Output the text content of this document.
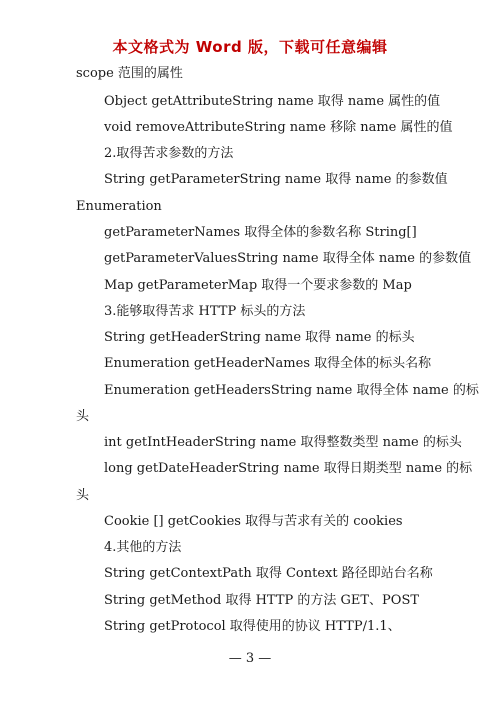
本文格式为 Word 版，下载可任意编辑
scope 范围的属性
Object getAttributeString name 取得 name 属性的值
void removeAttributeString name 移除 name 属性的值
2.取得苦求参数的方法
String getParameterString name 取得 name 的参数值
Enumeration
getParameterNames 取得全体的参数名称 String[]
getParameterValuesString name 取得全体 name 的参数值
Map getParameterMap 取得一个要求参数的 Map
3.能够取得苦求 HTTP 标头的方法
String getHeaderString name 取得 name 的标头
Enumeration getHeaderNames 取得全体的标头名称
Enumeration getHeadersString name 取得全体 name 的标
头
int getIntHeaderString name 取得整数类型 name 的标头
long getDateHeaderString name 取得日期类型 name 的标
头
Cookie [] getCookies 取得与苦求有关的 cookies
4.其他的方法
String getContextPath 取得 Context 路径即站台名称
String getMethod 取得 HTTP 的方法 GET、POST
String getProtocol 取得使用的协议 HTTP/1.1、
— 3 —
